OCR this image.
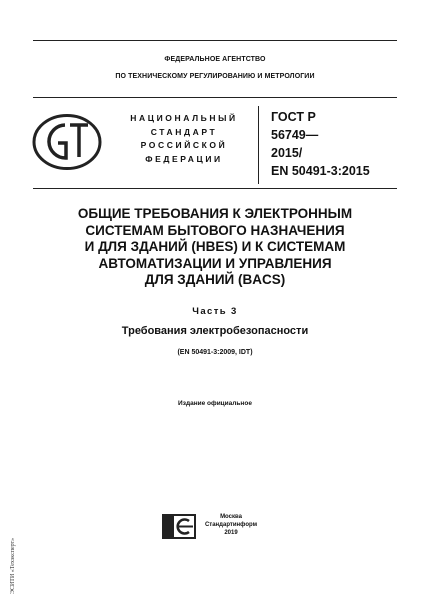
ФЕДЕРАЛЬНОЕ АГЕНТСТВО
ПО ТЕХНИЧЕСКОМУ РЕГУЛИРОВАНИЮ И МЕТРОЛОГИИ
НАЦИОНАЛЬНЫЙ
СТАНДАРТ
РОССИЙСКОЙ
ФЕДЕРАЦИИ
ГОСТ Р
56749—
2015/
EN 50491-3:2015
ОБЩИЕ ТРЕБОВАНИЯ К ЭЛЕКТРОННЫМ
СИСТЕМАМ БЫТОВОГО НАЗНАЧЕНИЯ
И ДЛЯ ЗДАНИЙ (HBES) И К СИСТЕМАМ
АВТОМАТИЗАЦИИ И УПРАВЛЕНИЯ
ДЛЯ ЗДАНИЙ (BACS)
Часть 3
Требования электробезопасности
(EN 50491-3:2009, IDT)
Издание официальное
Москва
Стандартинформ
2019
ЭСИТИ «Техэксперт»
